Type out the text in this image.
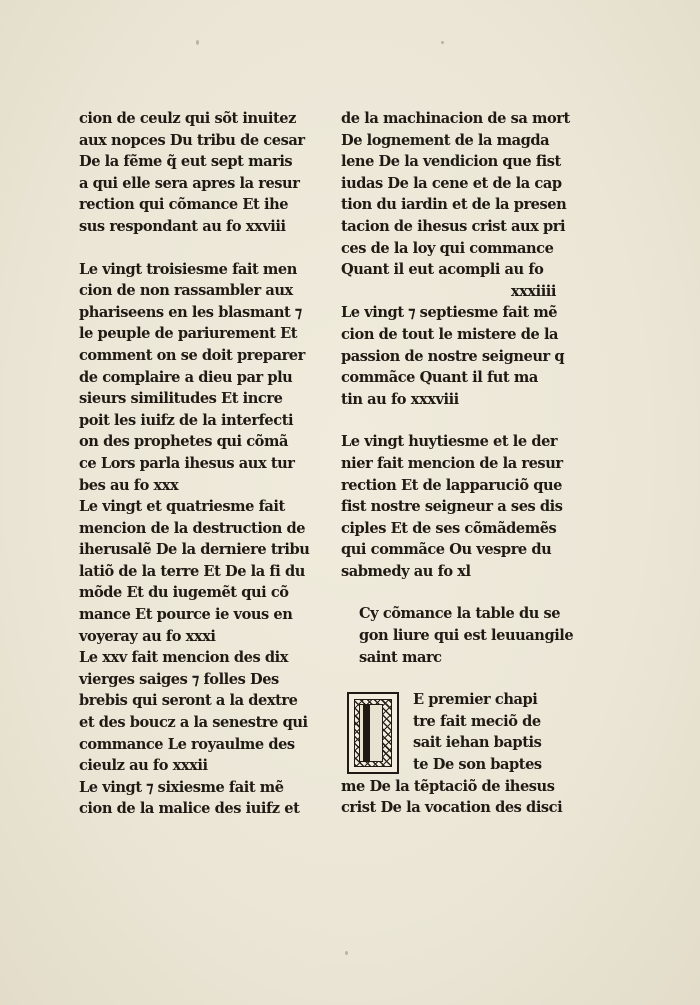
cion de ceulz qui sõt inuitez
aux nopces Du tribu de cesar
De la fẽme q̃ eut sept maris
a qui elle sera apres la resur
rection qui cõmance Et ihe
sus respondant au fo xxviii
Le vingt troisiesme fait men
cion de non rassambler aux
phariseens en les blasmant ⁊
le peuple de pariurement Et
comment on se doit preparer
de complaire a dieu par plu
sieurs similitudes Et incre
poit les iuifz de la interfecti
on des prophetes qui cõmã
ce Lors parla ihesus aux tur
bes au fo xxx
Le vingt et quatriesme fait
mencion de la destruction de
iherusalẽ De la derniere tribu
latiõ de la terre Et De la fi du
mõde Et du iugemẽt qui cõ
mance Et pource ie vous en
voyeray au fo xxxi
Le xxv fait mencion des dix
vierges saiges ⁊ folles Des
brebis qui seront a la dextre
et des boucz a la senestre qui
commance Le royaulme des
cieulz au fo xxxii
Le vingt ⁊ sixiesme fait mẽ
cion de la malice des iuifz et
de la machinacion de sa mort
De lognement de la magda
lene De la vendicion que fist
iudas De la cene et de la cap
tion du iardin et de la presen
tacion de ihesus crist aux pri
ces de la loy qui commance
Quant il eut acompli au fo
xxxiiii
Le vingt ⁊ septiesme fait mẽ
cion de tout le mistere de la
passion de nostre seigneur q
commãce Quant il fut ma
tin au fo xxxviii
Le vingt huytiesme et le der
nier fait mencion de la resur
rection Et de lapparuciõ que
fist nostre seigneur a ses dis
ciples Et de ses cõmãdemẽs
qui commãce Ou vespre du
sabmedy au fo xl
Cy cõmance la table du se
gon liure qui est leuuangile
saint marc
E premier chapi
tre fait meciõ de
sait iehan baptis
te De son baptes
me De la tẽptaciõ de ihesus
crist De la vocation des disci
